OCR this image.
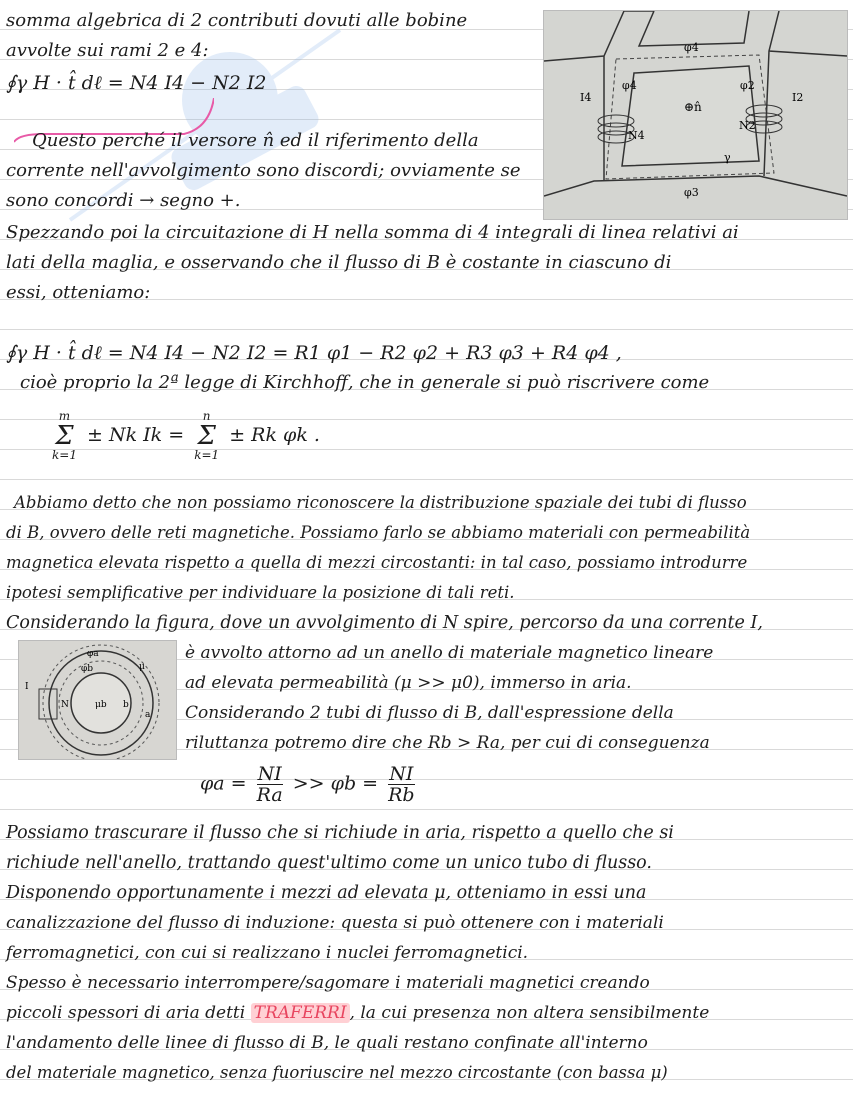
φ4
φ4	φ2
I4	I2
⊕n̂
N4
N2
γ
φ3
φa
φb	μ
I
N	μb b
a
somma algebrica di 2 contributi dovuti alle bobine
avvolte sui rami 2 e 4:
∮γ H · t̂ dℓ = N4 I4 − N2 I2
Questo perché il versore n̂ ed il riferimento della
corrente nell'avvolgimento sono discordi; ovviamente se
sono concordi → segno +.
Spezzando poi la circuitazione di H nella somma di 4 integrali di linea relativi ai
lati della maglia, e osservando che il flusso di B è costante in ciascuno di
essi, otteniamo:
∮γ H · t̂ dℓ = N4 I4 − N2 I2 = R1 φ1 − R2 φ2 + R3 φ3 + R4 φ4 ,
cioè proprio la 2ª legge di Kirchhoff, che in generale si può riscrivere come
m
Σ
k=1
± Nk Ik =
n
Σ
k=1
± Rk φk .
Abbiamo detto che non possiamo riconoscere la distribuzione spaziale dei tubi di flusso
di B, ovvero delle reti magnetiche. Possiamo farlo se abbiamo materiali con permeabilità
magnetica elevata rispetto a quella di mezzi circostanti: in tal caso, possiamo introdurre
ipotesi semplificative per individuare la posizione di tali reti.
Considerando la figura, dove un avvolgimento di N spire, percorso da una corrente I,
è avvolto attorno ad un anello di materiale magnetico lineare
ad elevata permeabilità (μ >> μ0), immerso in aria.
Considerando 2 tubi di flusso di B, dall'espressione della
riluttanza potremo dire che Rb > Ra, per cui di conseguenza
$\varphi a = \frac{NI}{Ra} >> \varphi b = \frac{NI}{Rb}$
Possiamo trascurare il flusso che si richiude in aria, rispetto a quello che si
richiude nell'anello, trattando quest'ultimo come un unico tubo di flusso.
Disponendo opportunamente i mezzi ad elevata μ, otteniamo in essi una
canalizzazione del flusso di induzione: questa si può ottenere con i materiali
ferromagnetici, con cui si realizzano i nuclei ferromagnetici.
Spesso è necessario interrompere/sagomare i materiali magnetici creando
piccoli spessori di aria detti TRAFERRI , la cui presenza non altera sensibilmente
l'andamento delle linee di flusso di B, le quali restano confinate all'interno
del materiale magnetico, senza fuoriuscire nel mezzo circostante (con bassa μ)
